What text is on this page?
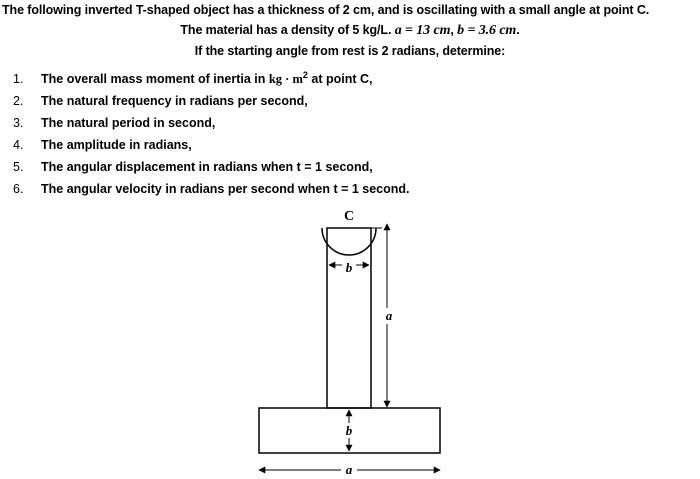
The following inverted T-shaped object has a thickness of 2 cm, and is oscillating with a small angle at point C.
The material has a density of 5 kg/L. a = 13 cm, b = 3.6 cm.
If the starting angle from rest is 2 radians, determine:
1. The overall mass moment of inertia in kg · $m^2$ at point C,
2. The natural frequency in radians per second,
3. The natural period in second,
4. The amplitude in radians,
5. The angular displacement in radians when t = 1 second,
6. The angular velocity in radians per second when t = 1 second.
C
b
a
b
a
